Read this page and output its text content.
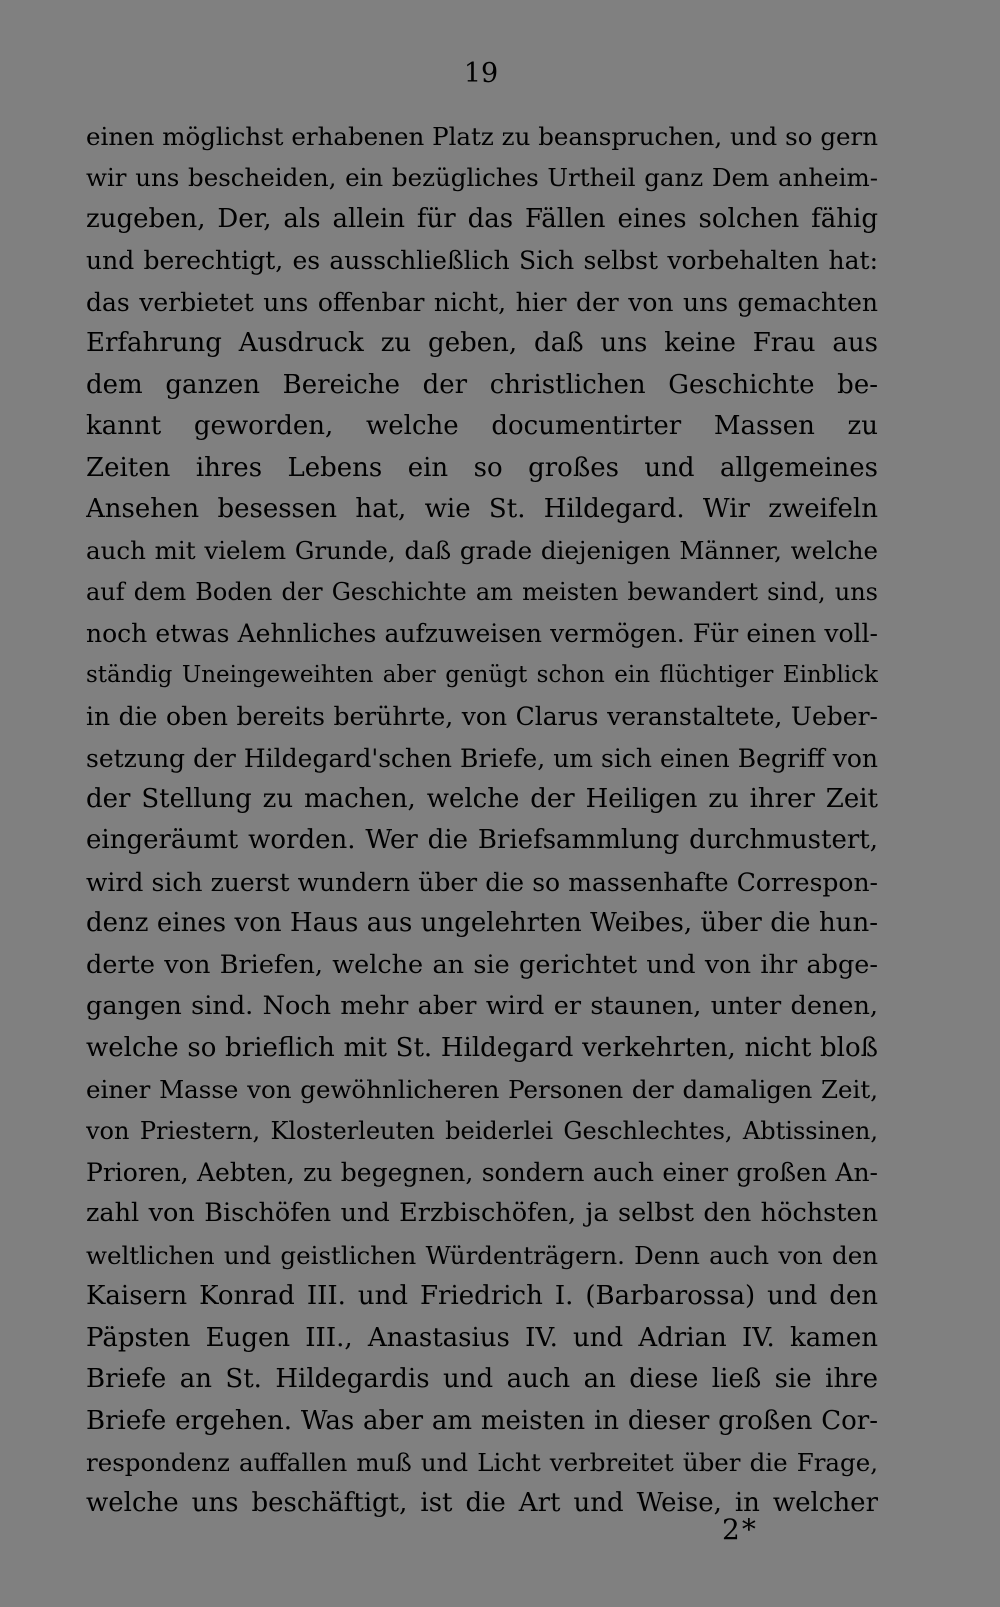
19
einen möglichst erhabenen Platz zu beanspruchen, und so gern
wir uns bescheiden, ein bezügliches Urtheil ganz Dem anheim-
zugeben, Der, als allein für das Fällen eines solchen fähig
und berechtigt, es ausschließlich Sich selbst vorbehalten hat:
das verbietet uns offenbar nicht, hier der von uns gemachten
Erfahrung Ausdruck zu geben, daß uns keine Frau aus
dem ganzen Bereiche der christlichen Geschichte be-
kannt geworden, welche documentirter Massen zu
Zeiten ihres Lebens ein so großes und allgemeines
Ansehen besessen hat, wie St. Hildegard. Wir zweifeln
auch mit vielem Grunde, daß grade diejenigen Männer, welche
auf dem Boden der Geschichte am meisten bewandert sind, uns
noch etwas Aehnliches aufzuweisen vermögen. Für einen voll-
ständig Uneingeweihten aber genügt schon ein flüchtiger Einblick
in die oben bereits berührte, von Clarus veranstaltete, Ueber-
setzung der Hildegard'schen Briefe, um sich einen Begriff von
der Stellung zu machen, welche der Heiligen zu ihrer Zeit
eingeräumt worden. Wer die Briefsammlung durchmustert,
wird sich zuerst wundern über die so massenhafte Correspon-
denz eines von Haus aus ungelehrten Weibes, über die hun-
derte von Briefen, welche an sie gerichtet und von ihr abge-
gangen sind. Noch mehr aber wird er staunen, unter denen,
welche so brieflich mit St. Hildegard verkehrten, nicht bloß
einer Masse von gewöhnlicheren Personen der damaligen Zeit,
von Priestern, Klosterleuten beiderlei Geschlechtes, Abtissinen,
Prioren, Aebten, zu begegnen, sondern auch einer großen An-
zahl von Bischöfen und Erzbischöfen, ja selbst den höchsten
weltlichen und geistlichen Würdenträgern. Denn auch von den
Kaisern Konrad III. und Friedrich I. (Barbarossa) und den
Päpsten Eugen III., Anastasius IV. und Adrian IV. kamen
Briefe an St. Hildegardis und auch an diese ließ sie ihre
Briefe ergehen. Was aber am meisten in dieser großen Cor-
respondenz auffallen muß und Licht verbreitet über die Frage,
welche uns beschäftigt, ist die Art und Weise, in welcher
2*
